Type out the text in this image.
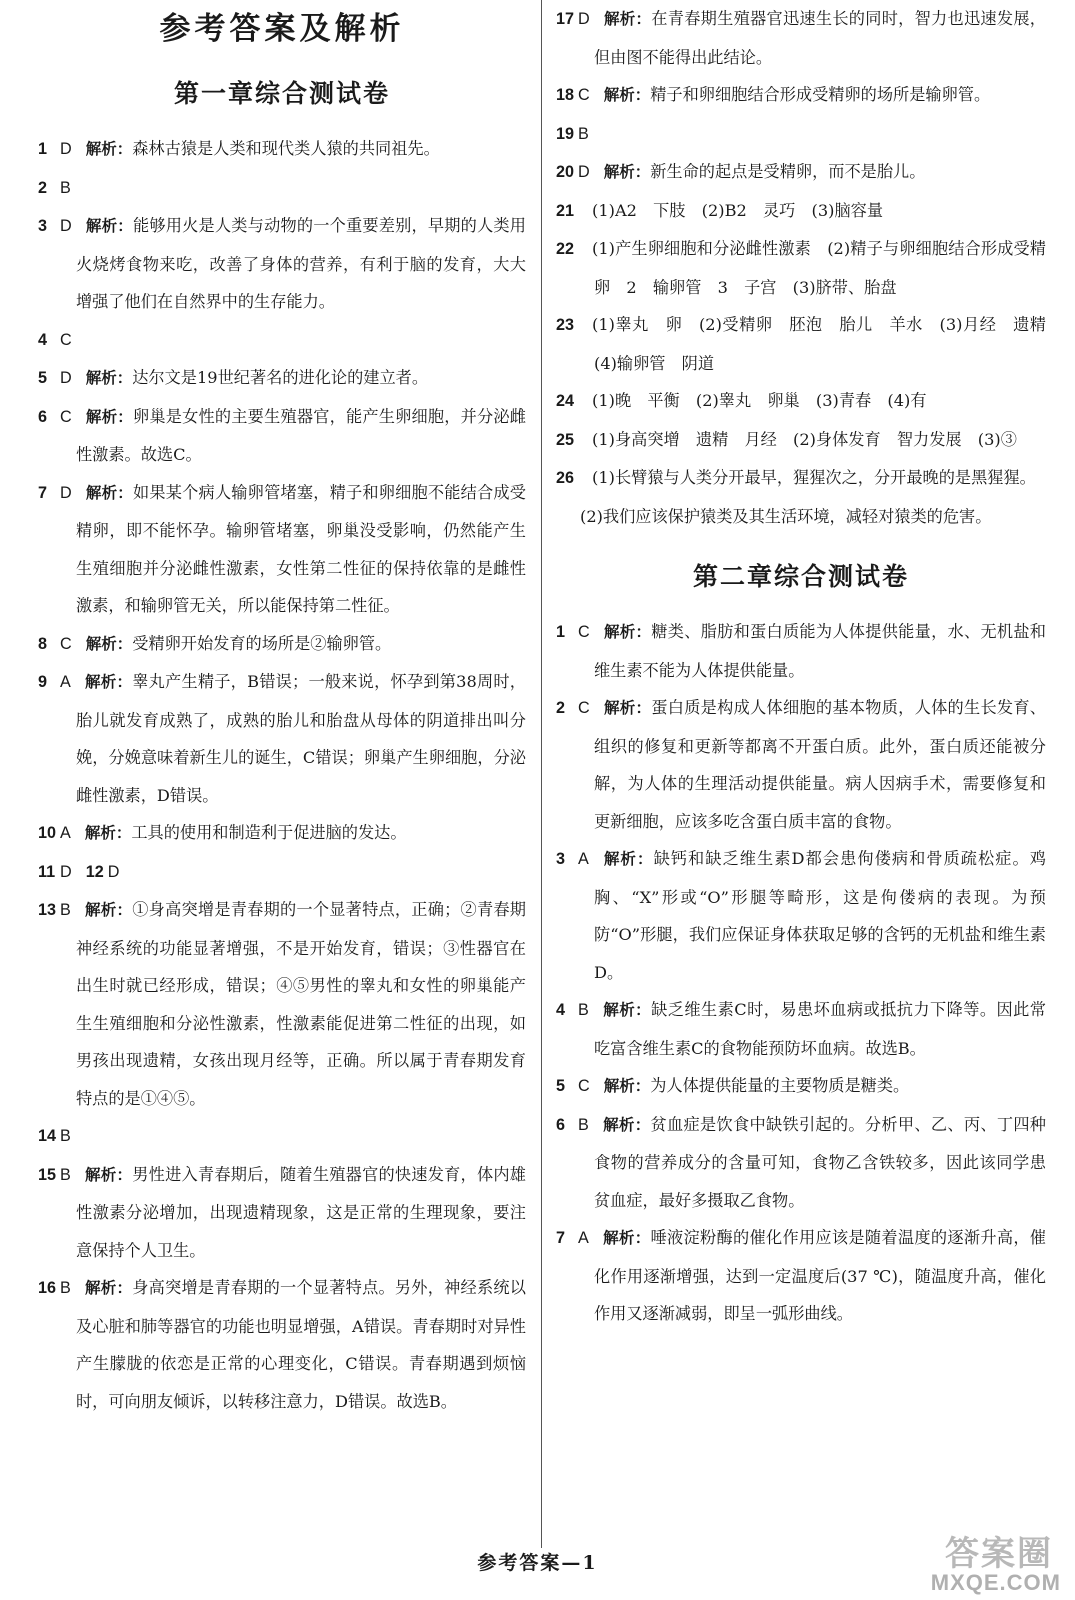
参考答案及解析
第一章综合测试卷
1 D 解析：森林古猿是人类和现代类人猿的共同祖先。
2 B
3 D 解析：能够用火是人类与动物的一个重要差别，早期的人类用火烧烤食物来吃，改善了身体的营养，有利于脑的发育，大大增强了他们在自然界中的生存能力。
4 C
5 D 解析：达尔文是19世纪著名的进化论的建立者。
6 C 解析：卵巢是女性的主要生殖器官，能产生卵细胞，并分泌雌性激素。故选C。
7 D 解析：如果某个病人输卵管堵塞，精子和卵细胞不能结合成受精卵，即不能怀孕。输卵管堵塞，卵巢没受影响，仍然能产生生殖细胞并分泌雌性激素，女性第二性征的保持依靠的是雌性激素，和输卵管无关，所以能保持第二性征。
8 C 解析：受精卵开始发育的场所是②输卵管。
9 A 解析：睾丸产生精子，B错误；一般来说，怀孕到第38周时，胎儿就发育成熟了，成熟的胎儿和胎盘从母体的阴道排出叫分娩，分娩意味着新生儿的诞生，C错误；卵巢产生卵细胞，分泌雌性激素，D错误。
10 A 解析：工具的使用和制造利于促进脑的发达。
11 D 12 D
13 B 解析：①身高突增是青春期的一个显著特点，正确；②青春期神经系统的功能显著增强，不是开始发育，错误；③性器官在出生时就已经形成，错误；④⑤男性的睾丸和女性的卵巢能产生生殖细胞和分泌性激素，性激素能促进第二性征的出现，如男孩出现遗精，女孩出现月经等，正确。所以属于青春期发育特点的是①④⑤。
14 B
15 B 解析：男性进入青春期后，随着生殖器官的快速发育，体内雄性激素分泌增加，出现遗精现象，这是正常的生理现象，要注意保持个人卫生。
16 B 解析：身高突增是青春期的一个显著特点。另外，神经系统以及心脏和肺等器官的功能也明显增强，A错误。青春期时对异性产生朦胧的依恋是正常的心理变化，C错误。青春期遇到烦恼时，可向朋友倾诉，以转移注意力，D错误。故选B。
17 D 解析：在青春期生殖器官迅速生长的同时，智力也迅速发展，但由图不能得出此结论。
18 C 解析：精子和卵细胞结合形成受精卵的场所是输卵管。
19 B
20 D 解析：新生命的起点是受精卵，而不是胎儿。
21 (1)A2　下肢　(2)B2　灵巧　(3)脑容量
22 (1)产生卵细胞和分泌雌性激素　(2)精子与卵细胞结合形成受精卵　2　输卵管　3　子宫　(3)脐带、胎盘
23 (1)睾丸　卵　(2)受精卵　胚泡　胎儿　羊水　(3)月经　遗精　(4)输卵管　阴道
24 (1)晚　平衡　(2)睾丸　卵巢　(3)青春　(4)有
25 (1)身高突增　遗精　月经　(2)身体发育　智力发展　(3)③
26 (1)长臂猿与人类分开最早，猩猩次之，分开最晚的是黑猩猩。
(2)我们应该保护猿类及其生活环境，减轻对猿类的危害。
第二章综合测试卷
1 C 解析：糖类、脂肪和蛋白质能为人体提供能量，水、无机盐和维生素不能为人体提供能量。
2 C 解析：蛋白质是构成人体细胞的基本物质，人体的生长发育、组织的修复和更新等都离不开蛋白质。此外，蛋白质还能被分解，为人体的生理活动提供能量。病人因病手术，需要修复和更新细胞，应该多吃含蛋白质丰富的食物。
3 A 解析：缺钙和缺乏维生素D都会患佝偻病和骨质疏松症。鸡胸、“X”形或“O”形腿等畸形，这是佝偻病的表现。为预防“O”形腿，我们应保证身体获取足够的含钙的无机盐和维生素D。
4 B 解析：缺乏维生素C时，易患坏血病或抵抗力下降等。因此常吃富含维生素C的食物能预防坏血病。故选B。
5 C 解析：为人体提供能量的主要物质是糖类。
6 B 解析：贫血症是饮食中缺铁引起的。分析甲、乙、丙、丁四种食物的营养成分的含量可知，食物乙含铁较多，因此该同学患贫血症，最好多摄取乙食物。
7 A 解析：唾液淀粉酶的催化作用应该是随着温度的逐渐升高，催化作用逐渐增强，达到一定温度后(37 ℃)，随温度升高，催化作用又逐渐减弱，即呈一弧形曲线。
参考答案—1	答案圈
MXQE.COM
